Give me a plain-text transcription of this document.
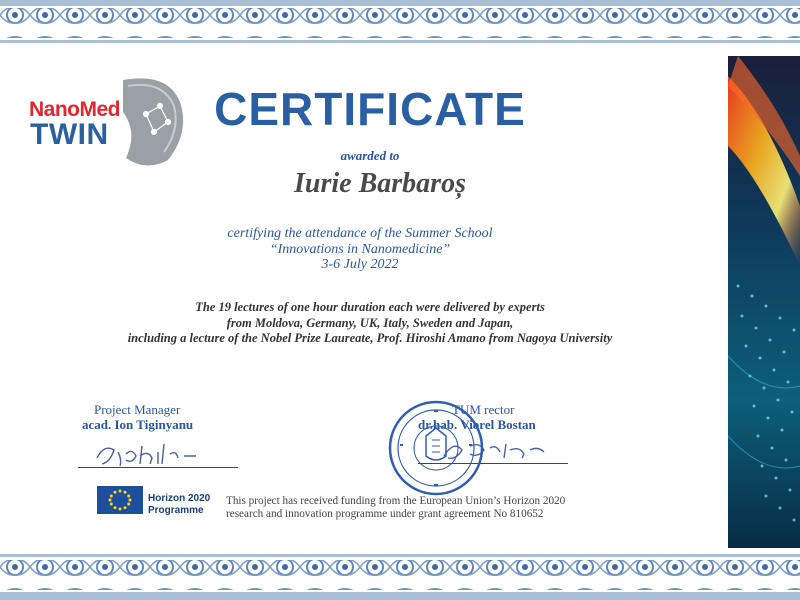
NanoMed
TWIN	CERTIFICATE
awarded to
Iurie Barbaroș
certifying the attendance of the Summer School
“Innovations in Nanomedicine”
3-6 July 2022
The 19 lectures of one hour duration each were delivered by experts
from Moldova, Germany, UK, Italy, Sweden and Japan,
including a lecture of the Nobel Prize Laureate, Prof. Hiroshi Amano from Nagoya University
Project Manager
acad. Ion Tiginyanu
TUM rector
dr.hab. Viorel Bostan
Horizon 2020
Programme
This project has received funding from the European Union’s Horizon 2020
research and innovation programme under grant agreement No 810652
